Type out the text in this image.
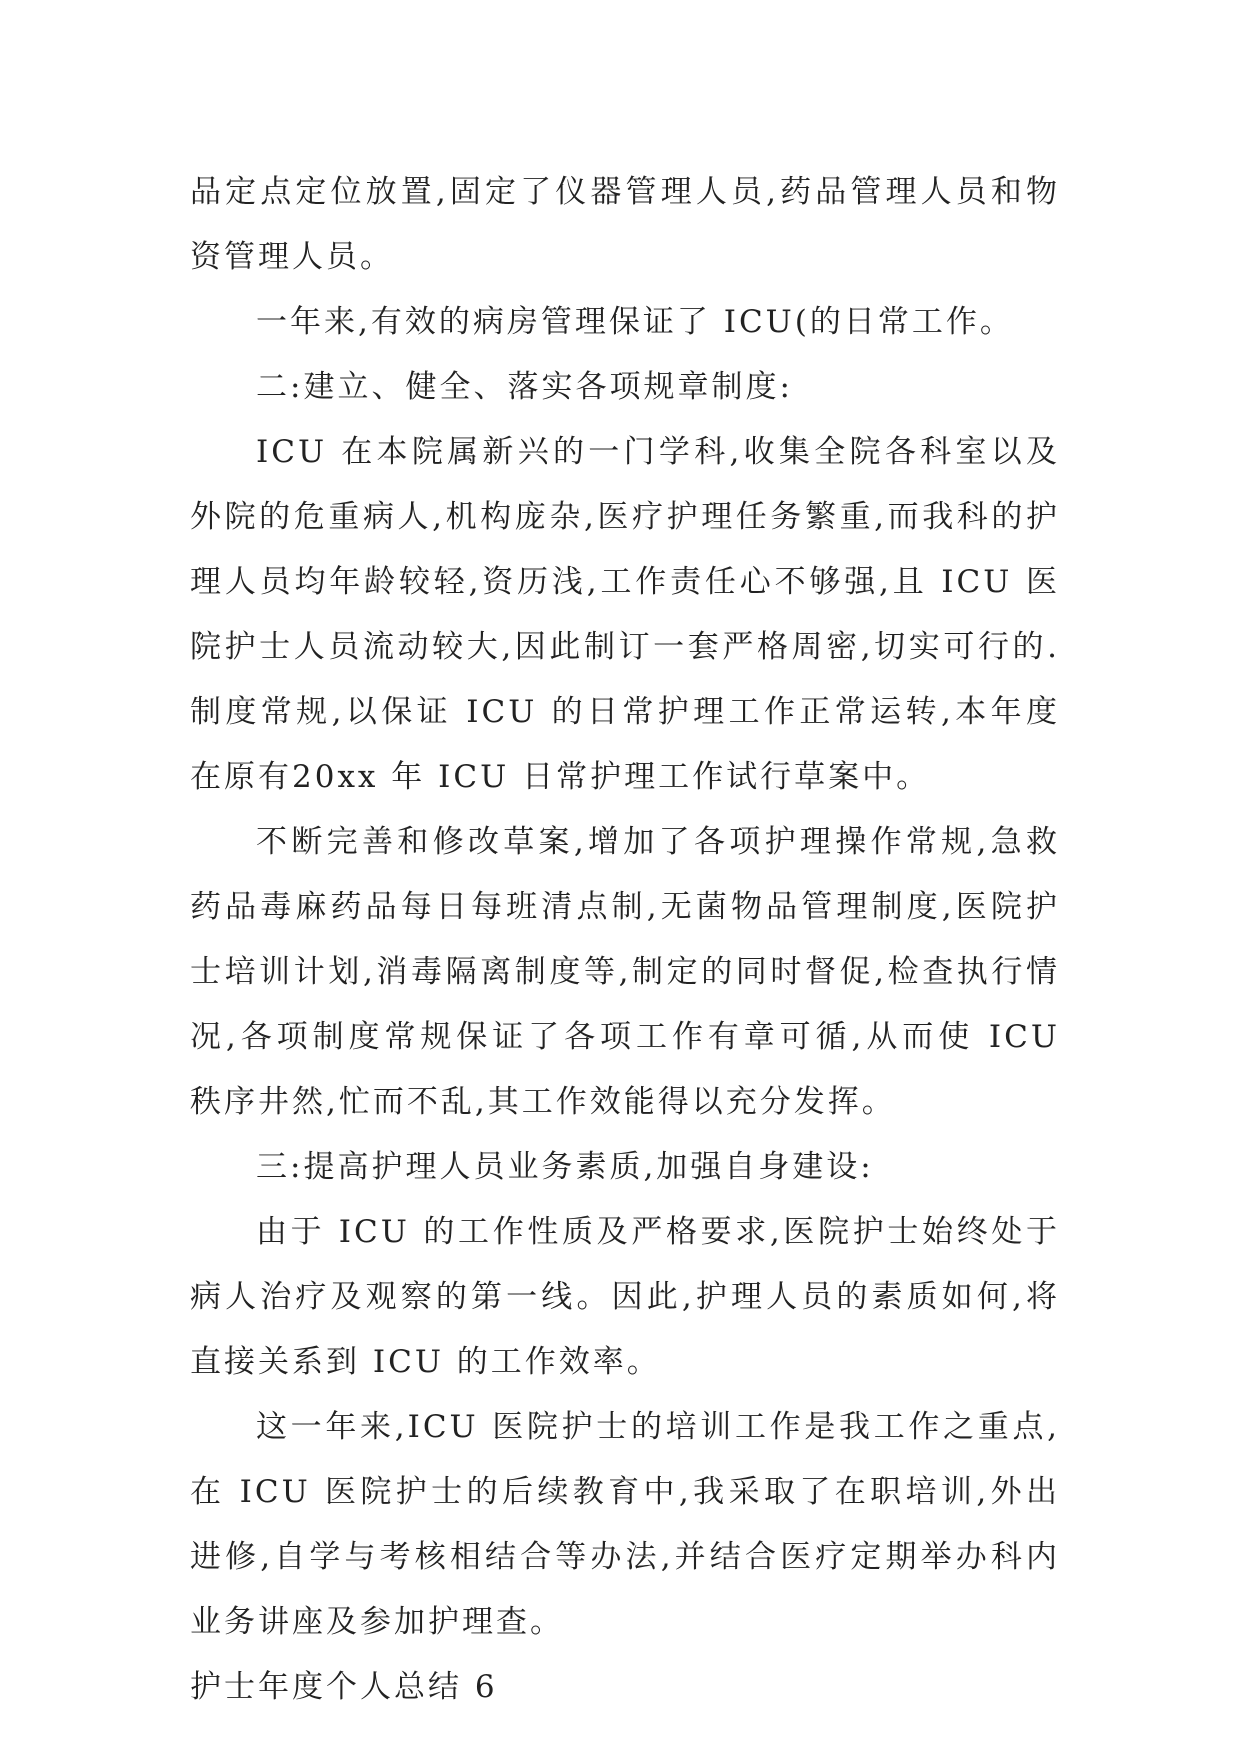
品定点定位放置,固定了仪器管理人员,药品管理人员和物资管理人员。

一年来,有效的病房管理保证了 ICU(的日常工作。

二:建立、健全、落实各项规章制度:

ICU 在本院属新兴的一门学科,收集全院各科室以及外院的危重病人,机构庞杂,医疗护理任务繁重,而我科的护理人员均年龄较轻,资历浅,工作责任心不够强,且 ICU 医院护士人员流动较大,因此制订一套严格周密,切实可行的.制度常规,以保证 ICU 的日常护理工作正常运转,本年度在原有20xx 年 ICU 日常护理工作试行草案中。

不断完善和修改草案,增加了各项护理操作常规,急救药品毒麻药品每日每班清点制,无菌物品管理制度,医院护士培训计划,消毒隔离制度等,制定的同时督促,检查执行情况,各项制度常规保证了各项工作有章可循,从而使 ICU 秩序井然,忙而不乱,其工作效能得以充分发挥。

三:提高护理人员业务素质,加强自身建设:

由于 ICU 的工作性质及严格要求,医院护士始终处于病人治疗及观察的第一线。因此,护理人员的素质如何,将直接关系到 ICU 的工作效率。

这一年来,ICU 医院护士的培训工作是我工作之重点,在 ICU 医院护士的后续教育中,我采取了在职培训,外出进修,自学与考核相结合等办法,并结合医疗定期举办科内业务讲座及参加护理查。

护士年度个人总结 6
